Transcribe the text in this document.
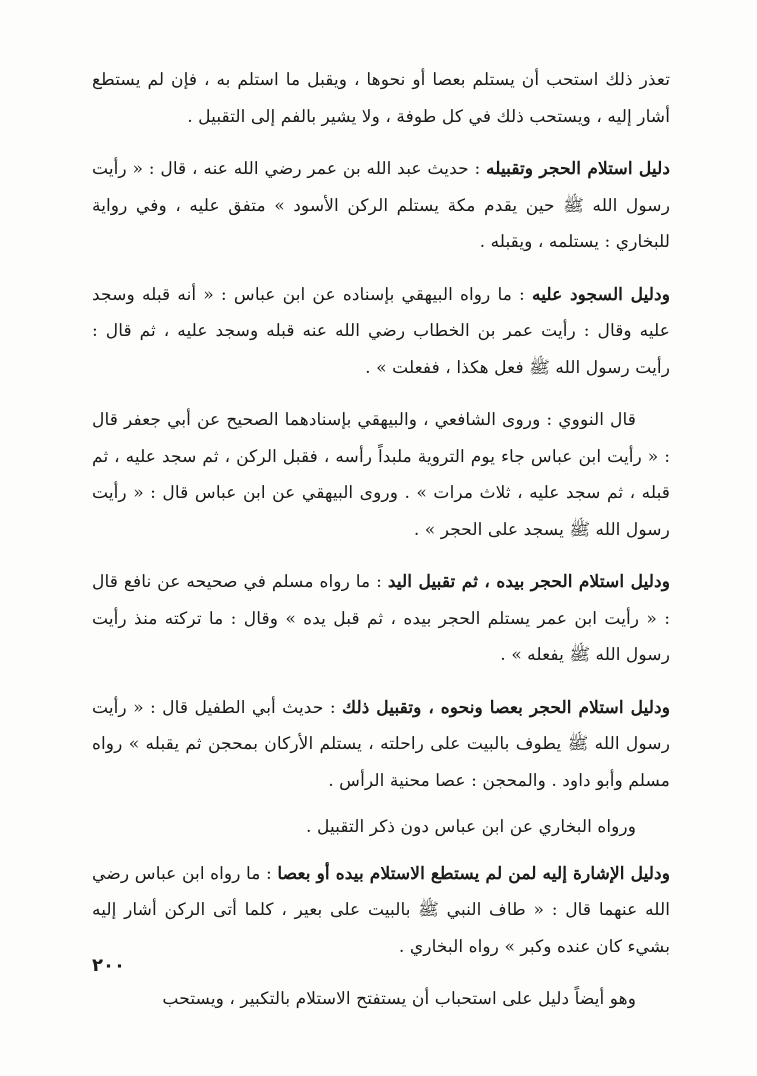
تعذر ذلك استحب أن يستلم بعصا أو نحوها ، ويقبل ما استلم به ، فإن لم يستطع أشار إليه ، ويستحب ذلك في كل طوفة ، ولا يشير بالفم إلى التقبيل .

دليل استلام الحجر وتقبيله : حديث عبد الله بن عمر رضي الله عنه ، قال : « رأيت رسول الله ﷺ حين يقدم مكة يستلم الركن الأسود » متفق عليه ، وفي رواية للبخاري : يستلمه ، ويقبله .

ودليل السجود عليه : ما رواه البيهقي بإسناده عن ابن عباس : « أنه قبله وسجد عليه وقال : رأيت عمر بن الخطاب رضي الله عنه قبله وسجد عليه ، ثم قال : رأيت رسول الله ﷺ فعل هكذا ، ففعلت » .

قال النووي : وروى الشافعي ، والبيهقي بإسنادهما الصحيح عن أبي جعفر قال : « رأيت ابن عباس جاء يوم التروية ملبداً رأسه ، فقبل الركن ، ثم سجد عليه ، ثم قبله ، ثم سجد عليه ، ثلاث مرات » . وروى البيهقي عن ابن عباس قال : « رأيت رسول الله ﷺ يسجد على الحجر » .

ودليل استلام الحجر بيده ، ثم تقبيل اليد : ما رواه مسلم في صحيحه عن نافع قال : « رأيت ابن عمر يستلم الحجر بيده ، ثم قبل يده » وقال : ما تركته منذ رأيت رسول الله ﷺ يفعله » .

ودليل استلام الحجر بعصا ونحوه ، وتقبيل ذلك : حديث أبي الطفيل قال : « رأيت رسول الله ﷺ يطوف بالبيت على راحلته ، يستلم الأركان بمحجن ثم يقبله » رواه مسلم وأبو داود . والمحجن : عصا محنية الرأس .

ورواه البخاري عن ابن عباس دون ذكر التقبيل .

ودليل الإشارة إليه لمن لم يستطع الاستلام بيده أو بعصا : ما رواه ابن عباس رضي الله عنهما قال : « طاف النبي ﷺ بالبيت على بعير ، كلما أتى الركن أشار إليه بشيء كان عنده وكبر » رواه البخاري .

وهو أيضاً دليل على استحباب أن يستفتح الاستلام بالتكبير ، ويستحب

٢٠٠
